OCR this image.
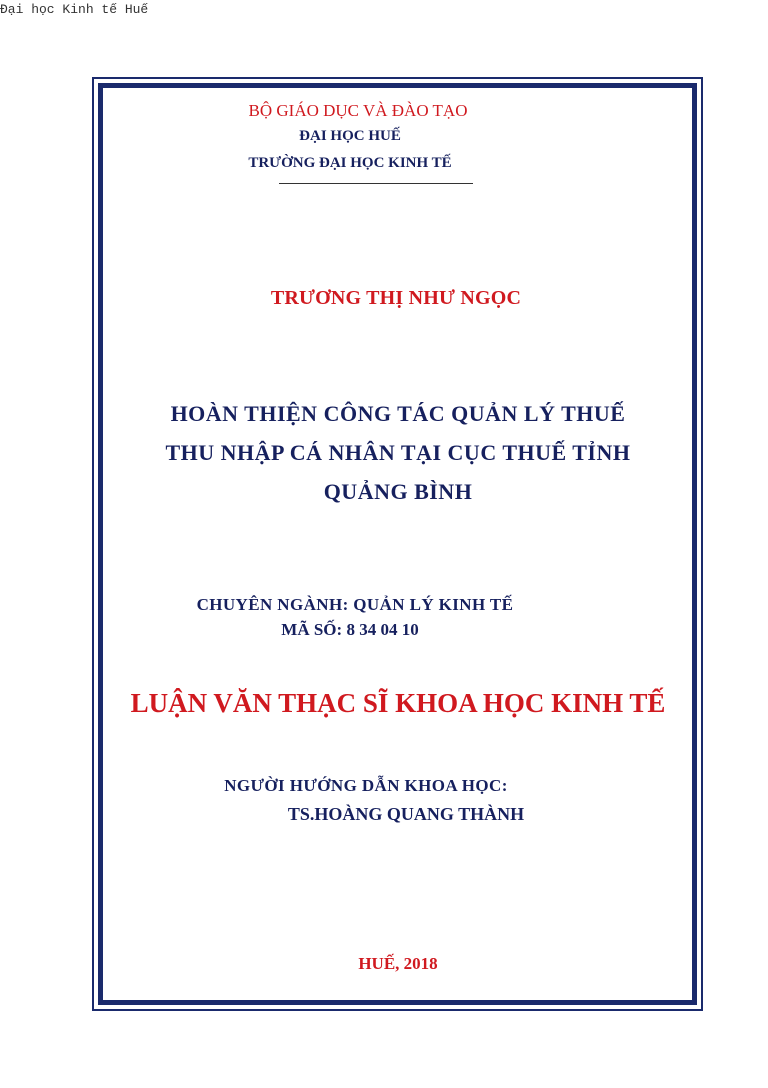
Đại học Kinh tế Huế
BỘ GIÁO DỤC VÀ ĐÀO TẠO
ĐẠI HỌC HUẾ
TRƯỜNG ĐẠI HỌC KINH TẾ
TRƯƠNG THỊ NHƯ NGỌC
HOÀN THIỆN CÔNG TÁC QUẢN LÝ THUẾ
THU NHẬP CÁ NHÂN TẠI CỤC THUẾ TỈNH
QUẢNG BÌNH
CHUYÊN NGÀNH: QUẢN LÝ KINH TẾ
MÃ SỐ: 8 34 04 10
LUẬN VĂN THẠC SĨ KHOA HỌC KINH TẾ
NGƯỜI HƯỚNG DẪN KHOA HỌC:
TS.HOÀNG QUANG THÀNH
HUẾ, 2018
